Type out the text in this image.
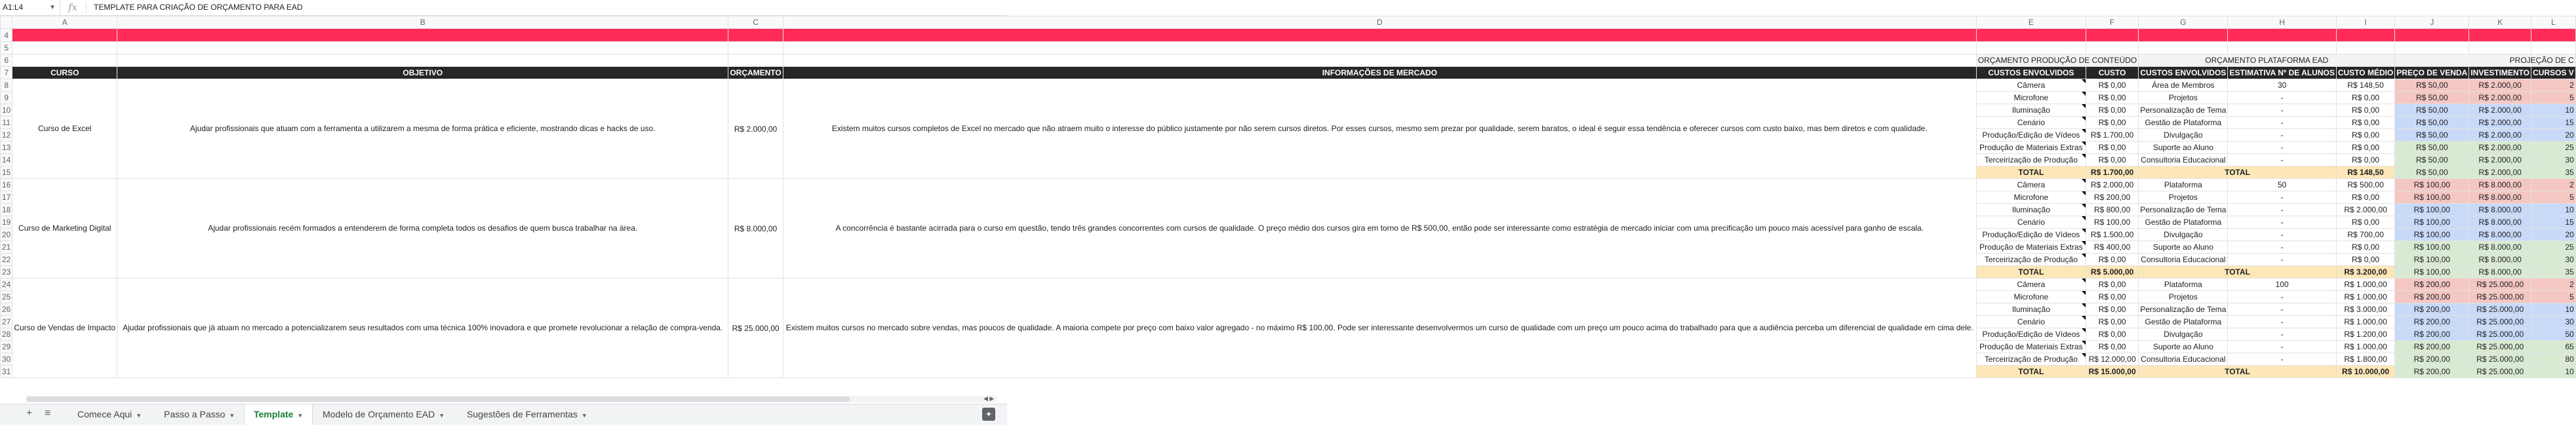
A1:L4	▼ fx TEMPLATE PARA CRIAÇÃO DE ORÇAMENTO PARA EAD
	A	B	C	D	E	F	G	H	I	J	K	L
4												
5												
6					ORÇAMENTO PRODUÇÃO DE CONTEÚDO		ORÇAMENTO PLATAFORMA EAD			PROJEÇÃO DE C		
7	CURSO	OBJETIVO	ORÇAMENTO	INFORMAÇÕES DE MERCADO	CUSTOS ENVOLVIDOS	CUSTO	CUSTOS ENVOLVIDOS	ESTIMATIVA Nº DE ALUNOS	CUSTO MÉDIO	PREÇO DE VENDA	INVESTIMENTO	CURSOS V
8	Curso de Excel	Ajudar profissionais que atuam com a ferramenta a utilizarem a mesma de forma prática e eficiente, mostrando dicas e hacks de uso.	R$ 2.000,00	Existem muitos cursos completos de Excel no mercado que não atraem muito o interesse do público justamente por não serem cursos diretos. Por esses cursos, mesmo sem prezar por qualidade, serem baratos, o ideal é seguir essa tendência e oferecer cursos com custo baixo, mas bem diretos e com qualidade.	Câmera	R$ 0,00	Área de Membros	30	R$ 148,50	R$ 50,00	R$ 2.000,00	2
9					Microfone	R$ 0,00	Projetos	-	R$ 0,00	R$ 50,00	R$ 2.000,00	5
10					Iluminação	R$ 0,00	Personalização de Tema	-	R$ 0,00	R$ 50,00	R$ 2.000,00	10
11					Cenário	R$ 0,00	Gestão de Plataforma	-	R$ 0,00	R$ 50,00	R$ 2.000,00	15
12					Produção/Edição de Vídeos	R$ 1.700,00	Divulgação	-	R$ 0,00	R$ 50,00	R$ 2.000,00	20
13					Produção de Materiais Extras	R$ 0,00	Suporte ao Aluno	-	R$ 0,00	R$ 50,00	R$ 2.000,00	25
14					Terceirização de Produção	R$ 0,00	Consultoria Educacional	-	R$ 0,00	R$ 50,00	R$ 2.000,00	30
15					TOTAL	R$ 1.700,00	TOTAL		R$ 148,50	R$ 50,00	R$ 2.000,00	35
16	Curso de Marketing Digital	Ajudar profissionais recém formados a entenderem de forma completa todos os desafios de quem busca trabalhar na área.	R$ 8.000,00	A concorrência é bastante acirrada para o curso em questão, tendo três grandes concorrentes com cursos de qualidade. O preço médio dos cursos gira em torno de R$ 500,00, então pode ser interessante como estratégia de mercado iniciar com uma precificação um pouco mais acessível para ganho de escala.	Câmera	R$ 2.000,00	Plataforma	50	R$ 500,00	R$ 100,00	R$ 8.000,00	2
17					Microfone	R$ 200,00	Projetos	-	R$ 0,00	R$ 100,00	R$ 8.000,00	5
18					Iluminação	R$ 800,00	Personalização de Tema	-	R$ 2.000,00	R$ 100,00	R$ 8.000,00	10
19					Cenário	R$ 100,00	Gestão de Plataforma	-	R$ 0,00	R$ 100,00	R$ 8.000,00	15
20					Produção/Edição de Vídeos	R$ 1.500,00	Divulgação	-	R$ 700,00	R$ 100,00	R$ 8.000,00	20
21					Produção de Materiais Extras	R$ 400,00	Suporte ao Aluno	-	R$ 0,00	R$ 100,00	R$ 8.000,00	25
22					Terceirização de Produção	R$ 0,00	Consultoria Educacional	-	R$ 0,00	R$ 100,00	R$ 8.000,00	30
23					TOTAL	R$ 5.000,00	TOTAL		R$ 3.200,00	R$ 100,00	R$ 8.000,00	35
24	Curso de Vendas de Impacto	Ajudar profissionais que já atuam no mercado a potencializarem seus resultados com uma técnica 100% inovadora e que promete revolucionar a relação de compra-venda.	R$ 25.000,00	Existem muitos cursos no mercado sobre vendas, mas poucos de qualidade. A maioria compete por preço com baixo valor agregado - no máximo R$ 100,00. Pode ser interessante desenvolvermos um curso de qualidade com um preço um pouco acima do trabalhado para que a audiência perceba um diferencial de qualidade em cima dele.	Câmera	R$ 0,00	Plataforma	100	R$ 1.000,00	R$ 200,00	R$ 25.000,00	2
25					Microfone	R$ 0,00	Projetos	-	R$ 1.000,00	R$ 200,00	R$ 25.000,00	5
26					Iluminação	R$ 0,00	Personalização de Tema	-	R$ 3.000,00	R$ 200,00	R$ 25.000,00	10
27					Cenário	R$ 0,00	Gestão de Plataforma	-	R$ 1.000,00	R$ 200,00	R$ 25.000,00	30
28					Produção/Edição de Vídeos	R$ 0,00	Divulgação	-	R$ 1.200,00	R$ 200,00	R$ 25.000,00	50
29					Produção de Materiais Extras	R$ 0,00	Suporte ao Aluno	-	R$ 1.000,00	R$ 200,00	R$ 25.000,00	65
30					Terceirização de Produção	R$ 12.000,00	Consultoria Educacional	-	R$ 1.800,00	R$ 200,00	R$ 25.000,00	80
31					TOTAL	R$ 15.000,00	TOTAL		R$ 10.000,00	R$ 200,00	R$ 25.000,00	10
◀ ▶
+ ≡	Comece Aqui ▼	Passo a Passo ▼	Template ▼	Modelo de Orçamento EAD ▼	Sugestões de Ferramentas ▼	✦
